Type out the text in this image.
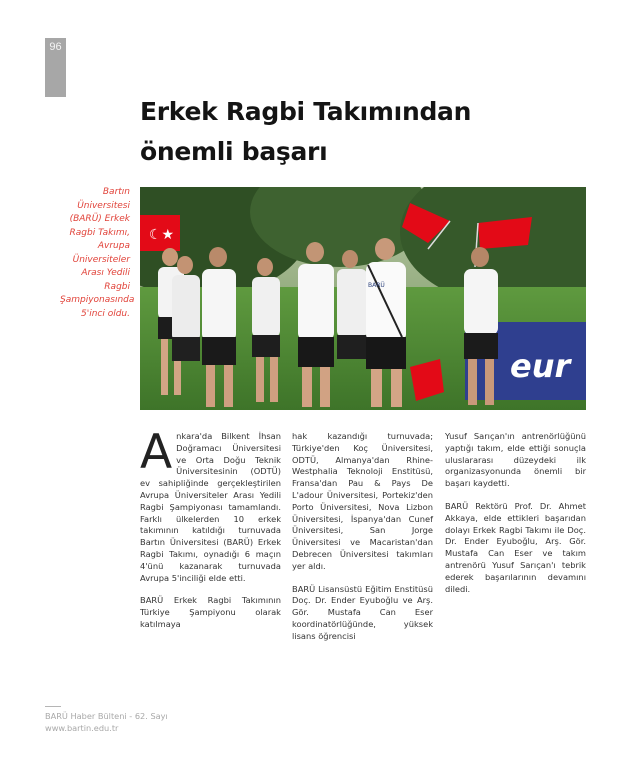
96
Erkek Ragbi Takımından önemli başarı

Bartın Üniversitesi (BARÜ) Erkek Ragbi Takımı, Avrupa Üniversiteler Arası Yedili Ragbi Şampiyonasında 5'inci oldu.

eur
☾★
BARÜ

Ankara'da Bilkent İhsan Doğramacı Üniversitesi ve Orta Doğu Teknik Üniversitesinin (ODTÜ) ev sahipliğinde gerçekleştirilen Avrupa Üniversiteler Arası Yedili Ragbi Şampiyonası tamamlandı. Farklı ülkelerden 10 erkek takımının katıldığı turnuvada Bartın Üniversitesi (BARÜ) Erkek Ragbi Takımı, oynadığı 6 maçın 4'ünü kazanarak turnuvada Avrupa 5'inciliği elde etti.

BARÜ Erkek Ragbi Takımının Türkiye Şampiyonu olarak katılmaya

hak kazandığı turnuvada; Türkiye'den Koç Üniversitesi, ODTÜ, Almanya'dan Rhine-Westphalia Teknoloji Enstitüsü, Fransa'dan Pau & Pays De L'adour Üniversitesi, Portekiz'den Porto Üniversitesi, Nova Lizbon Üniversitesi, İspanya'dan Cunef Üniversitesi, San Jorge Üniversitesi ve Macaristan'dan Debrecen Üniversitesi takımları yer aldı.

BARÜ Lisansüstü Eğitim Enstitüsü Doç. Dr. Ender Eyuboğlu ve Arş. Gör. Mustafa Can Eser koordinatörlüğünde, yüksek lisans öğrencisi

Yusuf Sarıçan'ın antrenörlüğünü yaptığı takım, elde ettiği sonuçla uluslararası düzeydeki ilk organizasyonunda önemli bir başarı kaydetti.

BARÜ Rektörü Prof. Dr. Ahmet Akkaya, elde ettikleri başarıdan dolayı Erkek Ragbi Takımı ile Doç. Dr. Ender Eyuboğlu, Arş. Gör. Mustafa Can Eser ve takım antrenörü Yusuf Sarıçan'ı tebrik ederek başarılarının devamını diledi.

BARÜ Haber Bülteni - 62. Sayı
www.bartin.edu.tr
